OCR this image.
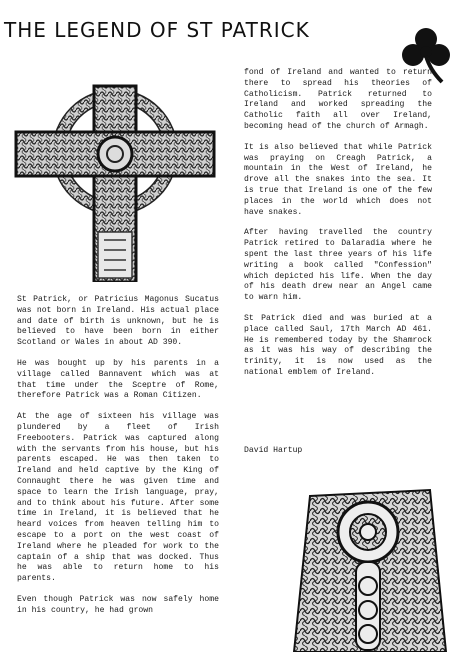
THE LEGEND OF ST PATRICK

St Patrick, or Patricius Magonus Sucatus was not born in Ireland. His actual place and date of birth is unknown, but he is believed to have been born in either Scotland or Wales in about AD 390.

He was bought up by his parents in a village called Bannavent which was at that time under the Sceptre of Rome, therefore Patrick was a Roman Citizen.

At the age of sixteen his village was plundered by a fleet of Irish Freebooters. Patrick was captured along with the servants from his house, but his parents escaped. He was then taken to Ireland and held captive by the King of Connaught there he was given time and space to learn the Irish language, pray, and to think about his future. After some time in Ireland, it is believed that he heard voices from heaven telling him to escape to a port on the west coast of Ireland where he pleaded for work to the captain of a ship that was docked. Thus he was able to return home to his parents.

Even though Patrick was now safely home in his country, he had grown

fond of Ireland and wanted to return there to spread his theories of Catholicism. Patrick returned to Ireland and worked spreading the Catholic faith all over Ireland, becoming head of the church of Armagh.

It is also believed that while Patrick was praying on Creagh Patrick, a mountain in the West of Ireland, he drove all the snakes into the sea. It is true that Ireland is one of the few places in the world which does not have snakes.

After having travelled the country Patrick retired to Dalaradia where he spent the last three years of his life writing a book called "Confession" which depicted his life. When the day of his death drew near an Angel came to warn him.

St Patrick died and was buried at a place called Saul, 17th March AD 461. He is remembered today by the Shamrock as it was his way of describing the trinity, it is now used as the national emblem of Ireland.

David Hartup
